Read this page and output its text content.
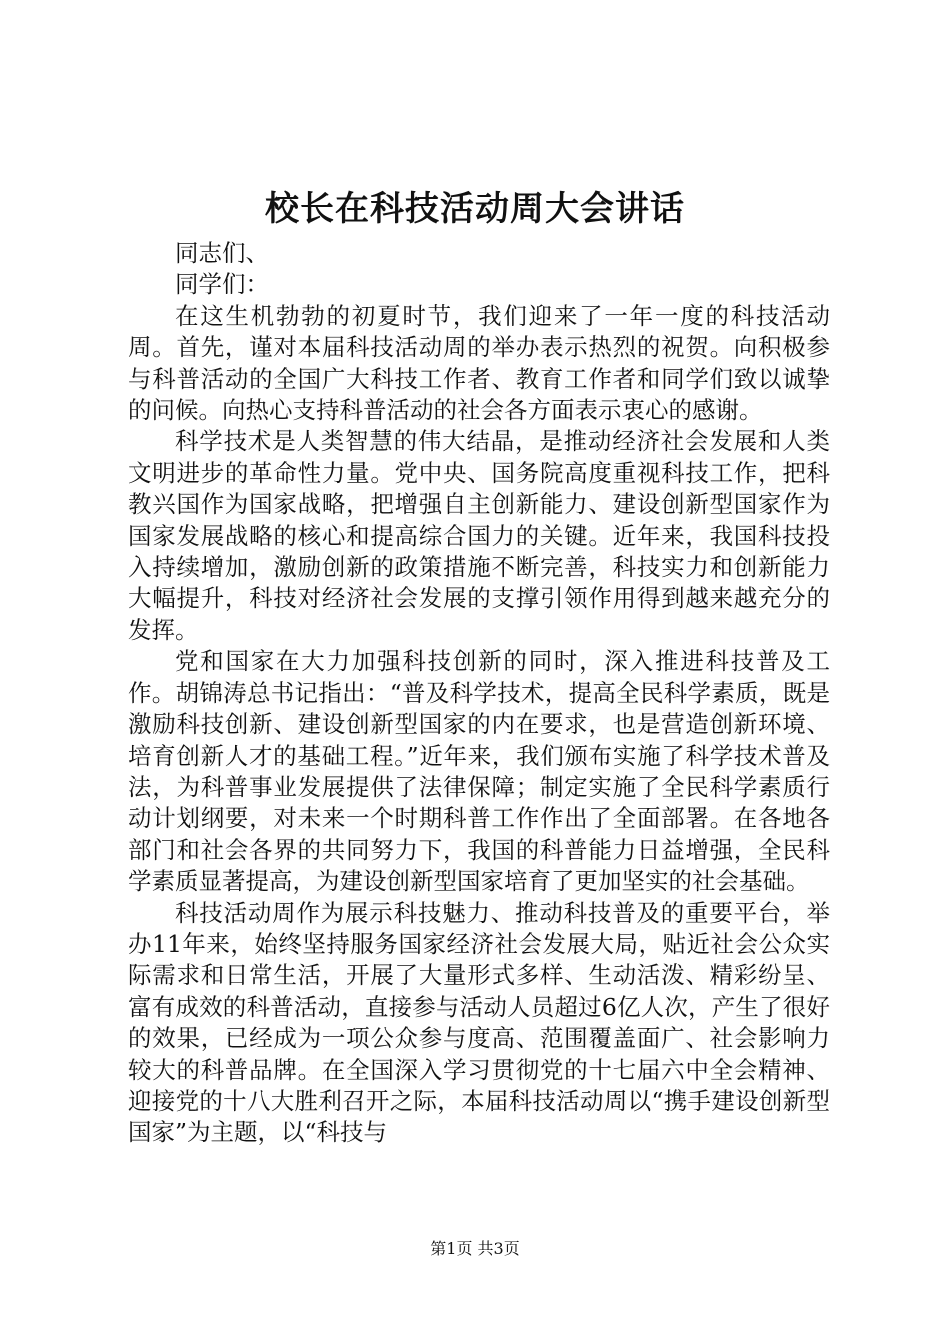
校长在科技活动周大会讲话

同志们、

同学们：

在这生机勃勃的初夏时节，我们迎来了一年一度的科技活动周。首先，谨对本届科技活动周的举办表示热烈的祝贺。向积极参与科普活动的全国广大科技工作者、教育工作者和同学们致以诚挚的问候。向热心支持科普活动的社会各方面表示衷心的感谢。

科学技术是人类智慧的伟大结晶，是推动经济社会发展和人类文明进步的革命性力量。党中央、国务院高度重视科技工作，把科教兴国作为国家战略，把增强自主创新能力、建设创新型国家作为国家发展战略的核心和提高综合国力的关键。近年来，我国科技投入持续增加，激励创新的政策措施不断完善，科技实力和创新能力大幅提升，科技对经济社会发展的支撑引领作用得到越来越充分的发挥。

党和国家在大力加强科技创新的同时，深入推进科技普及工作。胡锦涛总书记指出：“普及科学技术，提高全民科学素质，既是激励科技创新、建设创新型国家的内在要求，也是营造创新环境、培育创新人才的基础工程。”近年来，我们颁布实施了科学技术普及法，为科普事业发展提供了法律保障；制定实施了全民科学素质行动计划纲要，对未来一个时期科普工作作出了全面部署。在各地各部门和社会各界的共同努力下，我国的科普能力日益增强，全民科学素质显著提高，为建设创新型国家培育了更加坚实的社会基础。

科技活动周作为展示科技魅力、推动科技普及的重要平台，举办11年来，始终坚持服务国家经济社会发展大局，贴近社会公众实际需求和日常生活，开展了大量形式多样、生动活泼、精彩纷呈、富有成效的科普活动，直接参与活动人员超过6亿人次，产生了很好的效果，已经成为一项公众参与度高、范围覆盖面广、社会影响力较大的科普品牌。在全国深入学习贯彻党的十七届六中全会精神、迎接党的十八大胜利召开之际，本届科技活动周以“携手建设创新型国家”为主题，以“科技与

第1页 共3页
